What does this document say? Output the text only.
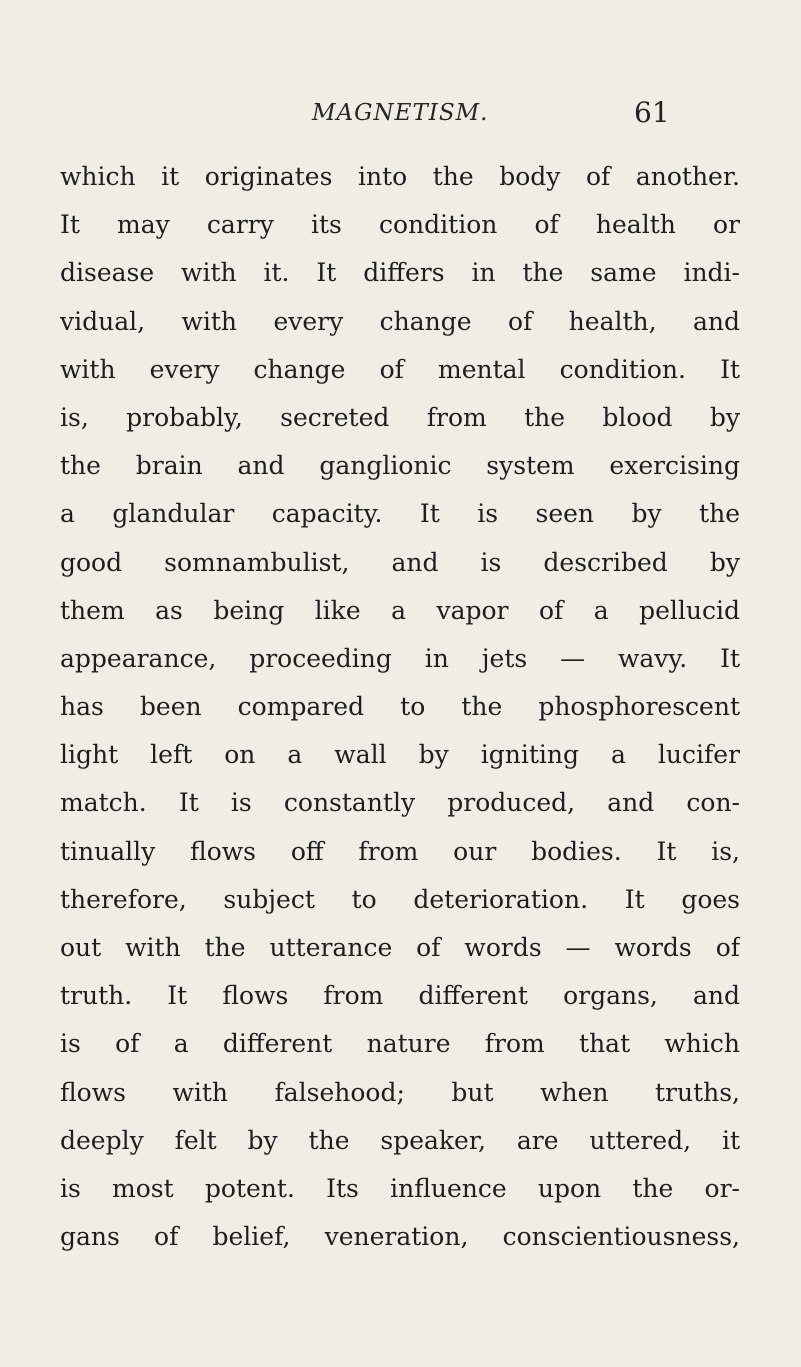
MAGNETISM.	61
which it originates into the body of another.
It may carry its condition of health or
disease with it. It differs in the same indi-
vidual, with every change of health, and
with every change of mental condition. It
is, probably, secreted from the blood by
the brain and ganglionic system exercising
a glandular capacity. It is seen by the
good somnambulist, and is described by
them as being like a vapor of a pellucid
appearance, proceeding in jets — wavy. It
has been compared to the phosphorescent
light left on a wall by igniting a lucifer
match. It is constantly produced, and con-
tinually flows off from our bodies. It is,
therefore, subject to deterioration. It goes
out with the utterance of words — words of
truth. It flows from different organs, and
is of a different nature from that which
flows with falsehood; but when truths,
deeply felt by the speaker, are uttered, it
is most potent. Its influence upon the or-
gans of belief, veneration, conscientiousness,
